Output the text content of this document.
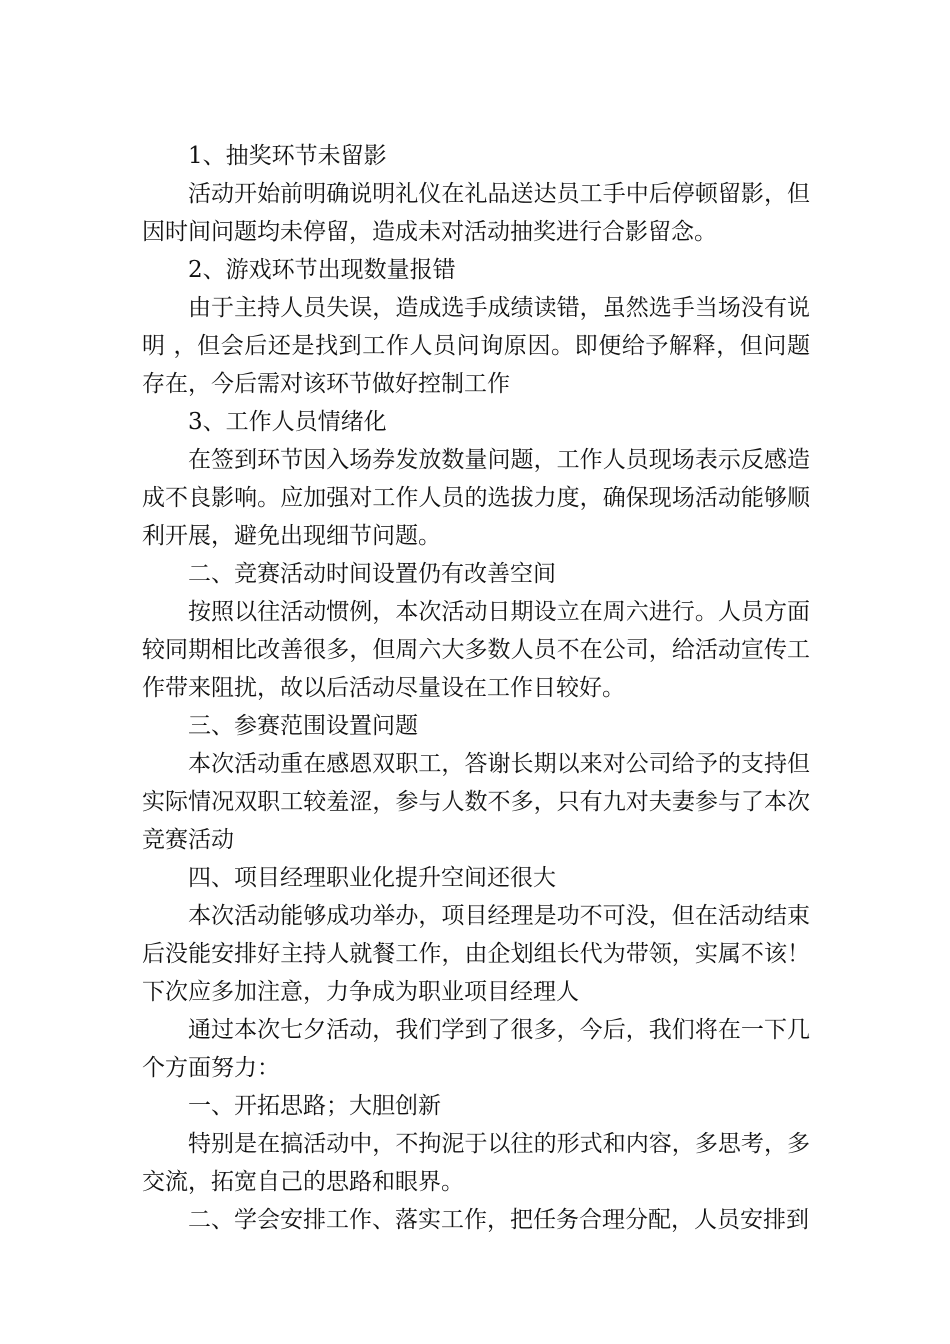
1、抽奖环节未留影

活动开始前明确说明礼仪在礼品送达员工手中后停顿留影，但因时间问题均未停留，造成未对活动抽奖进行合影留念。

2、游戏环节出现数量报错

由于主持人员失误，造成选手成绩读错，虽然选手当场没有说明 ，但会后还是找到工作人员问询原因。即便给予解释，但问题存在，今后需对该环节做好控制工作

3、工作人员情绪化

在签到环节因入场券发放数量问题，工作人员现场表示反感造成不良影响。应加强对工作人员的选拔力度，确保现场活动能够顺利开展，避免出现细节问题。

二、竞赛活动时间设置仍有改善空间

按照以往活动惯例，本次活动日期设立在周六进行。人员方面较同期相比改善很多，但周六大多数人员不在公司，给活动宣传工作带来阻扰，故以后活动尽量设在工作日较好。

三、参赛范围设置问题

本次活动重在感恩双职工，答谢长期以来对公司给予的支持但实际情况双职工较羞涩，参与人数不多，只有九对夫妻参与了本次竞赛活动

四、项目经理职业化提升空间还很大

本次活动能够成功举办，项目经理是功不可没，但在活动结束后没能安排好主持人就餐工作，由企划组长代为带领，实属不该！下次应多加注意，力争成为职业项目经理人

通过本次七夕活动，我们学到了很多，今后，我们将在一下几个方面努力：

一、开拓思路；大胆创新

特别是在搞活动中，不拘泥于以往的形式和内容，多思考，多交流，拓宽自己的思路和眼界。

二、学会安排工作、落实工作，把任务合理分配，人员安排到
